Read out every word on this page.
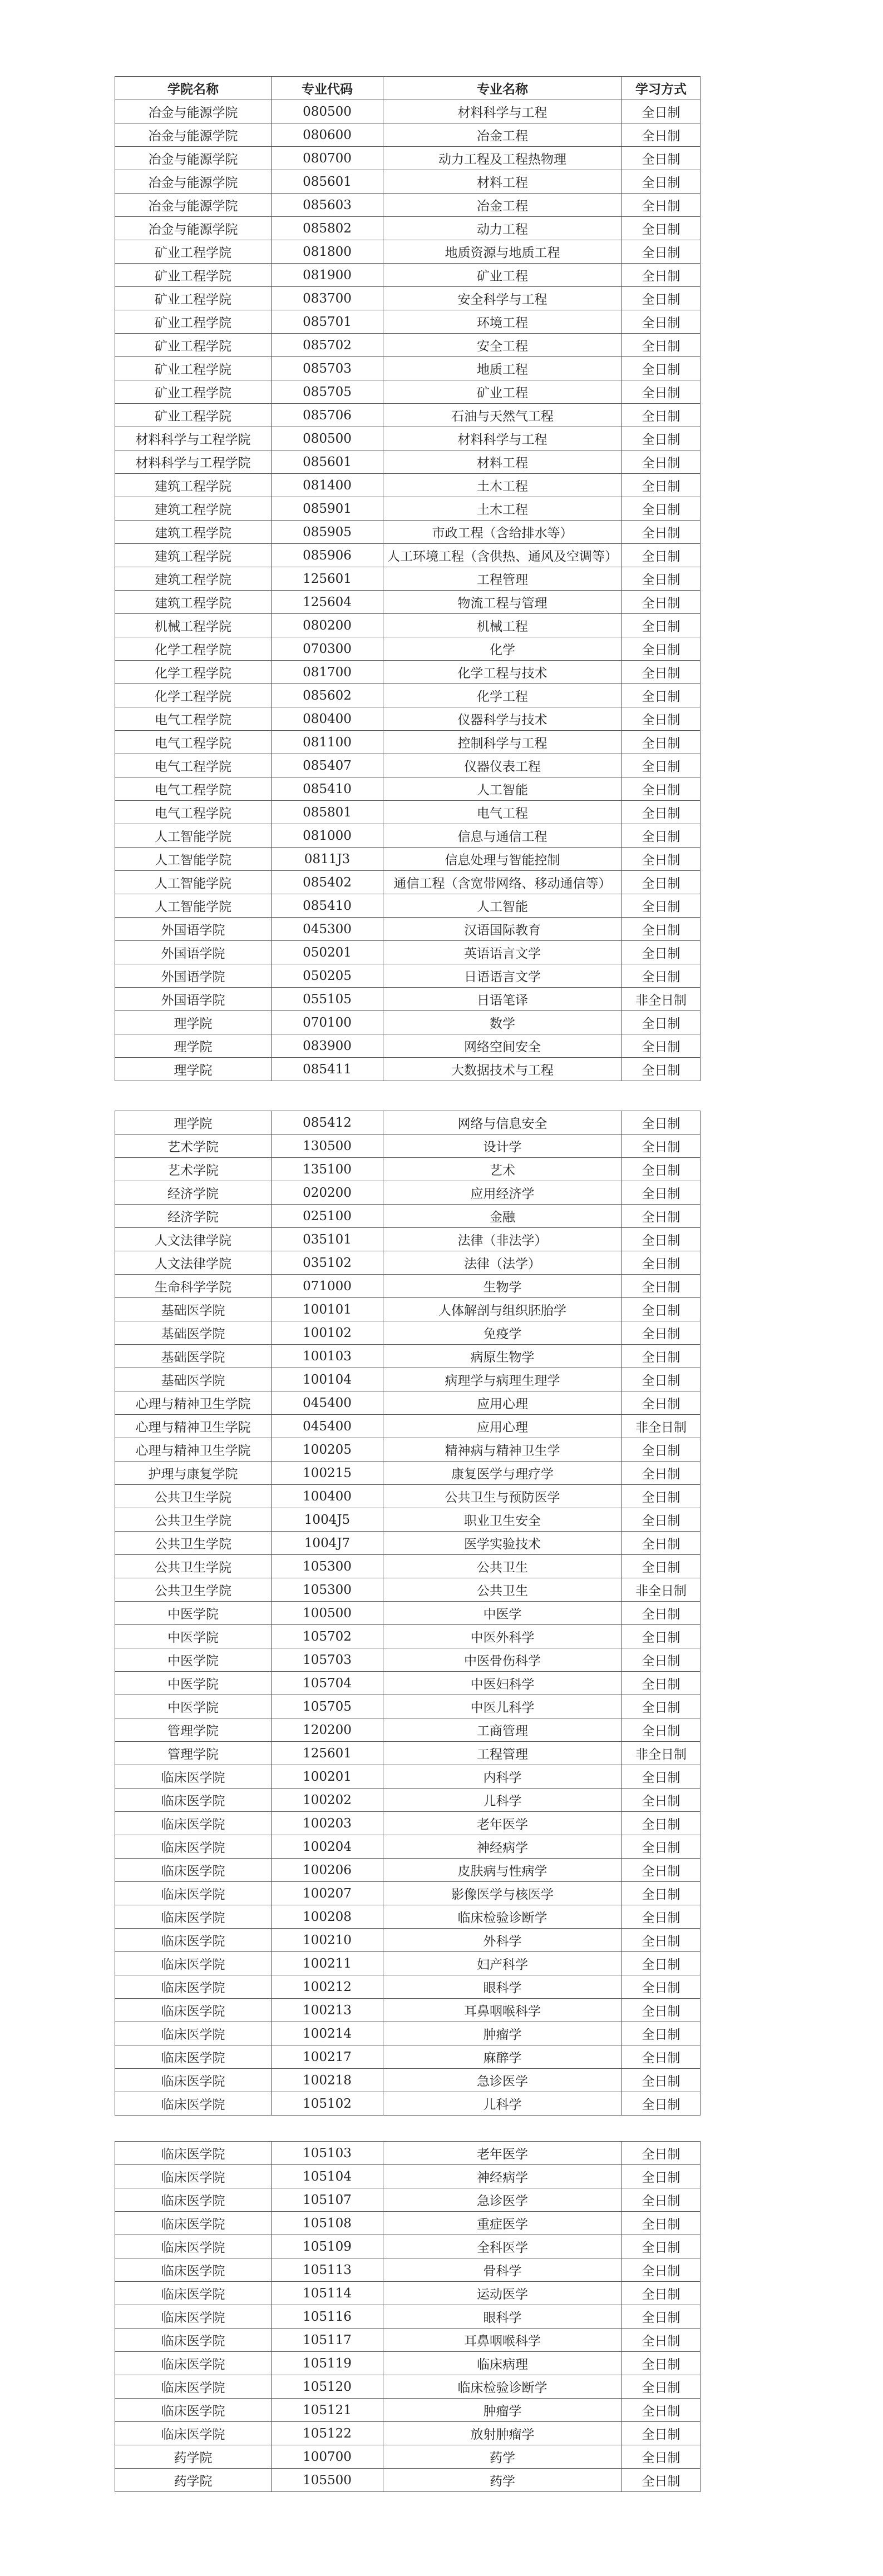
学院名称	专业代码	专业名称	学习方式
冶金与能源学院	080500	材料科学与工程	全日制
冶金与能源学院	080600	冶金工程	全日制
冶金与能源学院	080700	动力工程及工程热物理	全日制
冶金与能源学院	085601	材料工程	全日制
冶金与能源学院	085603	冶金工程	全日制
冶金与能源学院	085802	动力工程	全日制
矿业工程学院	081800	地质资源与地质工程	全日制
矿业工程学院	081900	矿业工程	全日制
矿业工程学院	083700	安全科学与工程	全日制
矿业工程学院	085701	环境工程	全日制
矿业工程学院	085702	安全工程	全日制
矿业工程学院	085703	地质工程	全日制
矿业工程学院	085705	矿业工程	全日制
矿业工程学院	085706	石油与天然气工程	全日制
材料科学与工程学院	080500	材料科学与工程	全日制
材料科学与工程学院	085601	材料工程	全日制
建筑工程学院	081400	土木工程	全日制
建筑工程学院	085901	土木工程	全日制
建筑工程学院	085905	市政工程（含给排水等）	全日制
建筑工程学院	085906	人工环境工程（含供热、通风及空调等）	全日制
建筑工程学院	125601	工程管理	全日制
建筑工程学院	125604	物流工程与管理	全日制
机械工程学院	080200	机械工程	全日制
化学工程学院	070300	化学	全日制
化学工程学院	081700	化学工程与技术	全日制
化学工程学院	085602	化学工程	全日制
电气工程学院	080400	仪器科学与技术	全日制
电气工程学院	081100	控制科学与工程	全日制
电气工程学院	085407	仪器仪表工程	全日制
电气工程学院	085410	人工智能	全日制
电气工程学院	085801	电气工程	全日制
人工智能学院	081000	信息与通信工程	全日制
人工智能学院	0811J3	信息处理与智能控制	全日制
人工智能学院	085402	通信工程（含宽带网络、移动通信等）	全日制
人工智能学院	085410	人工智能	全日制
外国语学院	045300	汉语国际教育	全日制
外国语学院	050201	英语语言文学	全日制
外国语学院	050205	日语语言文学	全日制
外国语学院	055105	日语笔译	非全日制
理学院	070100	数学	全日制
理学院	083900	网络空间安全	全日制
理学院	085411	大数据技术与工程	全日制
理学院	085412	网络与信息安全	全日制
艺术学院	130500	设计学	全日制
艺术学院	135100	艺术	全日制
经济学院	020200	应用经济学	全日制
经济学院	025100	金融	全日制
人文法律学院	035101	法律（非法学）	全日制
人文法律学院	035102	法律（法学）	全日制
生命科学学院	071000	生物学	全日制
基础医学院	100101	人体解剖与组织胚胎学	全日制
基础医学院	100102	免疫学	全日制
基础医学院	100103	病原生物学	全日制
基础医学院	100104	病理学与病理生理学	全日制
心理与精神卫生学院	045400	应用心理	全日制
心理与精神卫生学院	045400	应用心理	非全日制
心理与精神卫生学院	100205	精神病与精神卫生学	全日制
护理与康复学院	100215	康复医学与理疗学	全日制
公共卫生学院	100400	公共卫生与预防医学	全日制
公共卫生学院	1004J5	职业卫生安全	全日制
公共卫生学院	1004J7	医学实验技术	全日制
公共卫生学院	105300	公共卫生	全日制
公共卫生学院	105300	公共卫生	非全日制
中医学院	100500	中医学	全日制
中医学院	105702	中医外科学	全日制
中医学院	105703	中医骨伤科学	全日制
中医学院	105704	中医妇科学	全日制
中医学院	105705	中医儿科学	全日制
管理学院	120200	工商管理	全日制
管理学院	125601	工程管理	非全日制
临床医学院	100201	内科学	全日制
临床医学院	100202	儿科学	全日制
临床医学院	100203	老年医学	全日制
临床医学院	100204	神经病学	全日制
临床医学院	100206	皮肤病与性病学	全日制
临床医学院	100207	影像医学与核医学	全日制
临床医学院	100208	临床检验诊断学	全日制
临床医学院	100210	外科学	全日制
临床医学院	100211	妇产科学	全日制
临床医学院	100212	眼科学	全日制
临床医学院	100213	耳鼻咽喉科学	全日制
临床医学院	100214	肿瘤学	全日制
临床医学院	100217	麻醉学	全日制
临床医学院	100218	急诊医学	全日制
临床医学院	105102	儿科学	全日制
临床医学院	105103	老年医学	全日制
临床医学院	105104	神经病学	全日制
临床医学院	105107	急诊医学	全日制
临床医学院	105108	重症医学	全日制
临床医学院	105109	全科医学	全日制
临床医学院	105113	骨科学	全日制
临床医学院	105114	运动医学	全日制
临床医学院	105116	眼科学	全日制
临床医学院	105117	耳鼻咽喉科学	全日制
临床医学院	105119	临床病理	全日制
临床医学院	105120	临床检验诊断学	全日制
临床医学院	105121	肿瘤学	全日制
临床医学院	105122	放射肿瘤学	全日制
药学院	100700	药学	全日制
药学院	105500	药学	全日制
